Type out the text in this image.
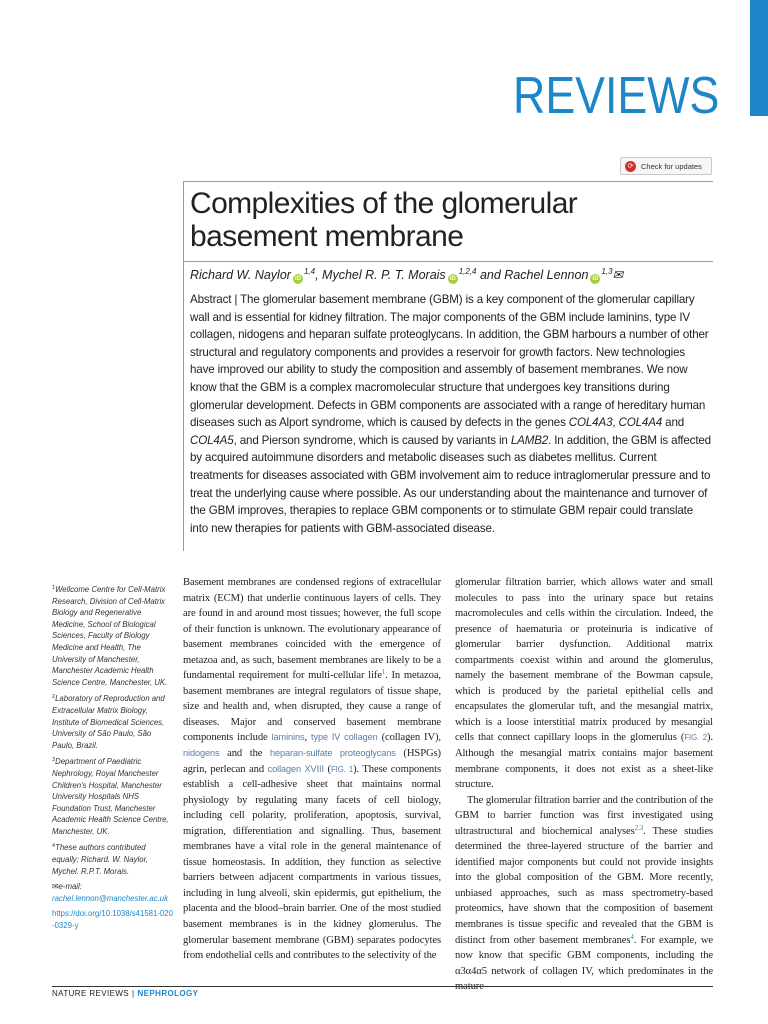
REVIEWS
⟳	Check for updates
Complexities of the glomerular
basement membrane
Richard W. Naylor iD$^{1,4}$, Mychel R. P. T. Morais iD$^{1,2,4}$ and Rachel Lennon iD$^{1,3}$✉
Abstract | The glomerular basement membrane (GBM) is a key component of the glomerular capillary wall and is essential for kidney filtration. The major components of the GBM include laminins, type IV collagen, nidogens and heparan sulfate proteoglycans. In addition, the GBM harbours a number of other structural and regulatory components and provides a reservoir for growth factors. New technologies have improved our ability to study the composition and assembly of basement membranes. We now know that the GBM is a complex macromolecular structure that undergoes key transitions during glomerular development. Defects in GBM components are associated with a range of hereditary human diseases such as Alport syndrome, which is caused by defects in the genes COL4A3, COL4A4 and COL4A5, and Pierson syndrome, which is caused by variants in LAMB2. In addition, the GBM is affected by acquired autoimmune disorders and metabolic diseases such as diabetes mellitus. Current treatments for diseases associated with GBM involvement aim to reduce intraglomerular pressure and to treat the underlying cause where possible. As our understanding about the maintenance and turnover of the GBM improves, therapies to replace GBM components or to stimulate GBM repair could translate into new therapies for patients with GBM-associated disease.

$^1$Wellcome Centre for Cell-Matrix Research, Division of Cell-Matrix Biology and Regenerative Medicine, School of Biological Sciences, Faculty of Biology Medicine and Health, The University of Manchester, Manchester Academic Health Science Centre, Manchester, UK.

$^2$Laboratory of Reproduction and Extracellular Matrix Biology, Institute of Biomedical Sciences, University of São Paulo, São Paulo, Brazil.

$^3$Department of Paediatric Nephrology, Royal Manchester Children's Hospital, Manchester University Hospitals NHS Foundation Trust, Manchester Academic Health Science Centre, Manchester, UK.

$^4$These authors contributed equally: Richard. W. Naylor, Mychel. R.P.T. Morais.

✉e-mail: rachel.lennon@manchester.ac.uk

https://doi.org/10.1038/s41581-020-0329-y

Basement membranes are condensed regions of extracellular matrix (ECM) that underlie continuous layers of cells. They are found in and around most tissues; however, the full scope of their function is unknown. The evolutionary appearance of basement membranes coincided with the emergence of metazoa and, as such, basement membranes are likely to be a fundamental requirement for multi-cellular life$^1$. In metazoa, basement membranes are integral regulators of tissue shape, size and health and, when disrupted, they cause a range of diseases. Major and conserved basement membrane components include laminins, type IV collagen (collagen IV), nidogens and the heparan-sulfate proteoglycans (HSPGs) agrin, perlecan and collagen XVIII (FIG. 1). These components establish a cell-adhesive sheet that maintains normal physiology by regulating many facets of cell biology, including cell polarity, proliferation, apoptosis, survival, migration, differentiation and signalling. Thus, basement membranes have a vital role in the general maintenance of tissue homeostasis. In addition, they function as selective barriers between adjacent compartments in various tissues, including in lung alveoli, skin epidermis, gut epithelium, the placenta and the blood–brain barrier. One of the most studied basement membranes is in the kidney glomerulus. The glomerular basement membrane (GBM) separates podocytes from endothelial cells and contributes to the selectivity of the

glomerular filtration barrier, which allows water and small molecules to pass into the urinary space but retains macromolecules and cells within the circulation. Indeed, the presence of haematuria or proteinuria is indicative of glomerular barrier dysfunction. Additional matrix compartments coexist within and around the glomerulus, namely the basement membrane of the Bowman capsule, which is produced by the parietal epithelial cells and encapsulates the glomerular tuft, and the mesangial matrix, which is a loose interstitial matrix produced by mesangial cells that connect capillary loops in the glomerulus (FIG. 2). Although the mesangial matrix contains major basement membrane components, it does not exist as a sheet-like structure.

The glomerular filtration barrier and the contribution of the GBM to barrier function was first investigated using ultrastructural and biochemical analyses$^{2,3}$. These studies determined the three-layered structure of the barrier and identified major components but could not provide insights into the global composition of the GBM. More recently, unbiased approaches, such as mass spectrometry-based proteomics, have shown that the composition of basement membranes is tissue specific and revealed that the GBM is distinct from other basement membranes$^4$. For example, we now know that specific GBM components, including the α3α4α5 network of collagen IV, which predominates in the

NATURE REVIEWS | NEPHROLOGY
